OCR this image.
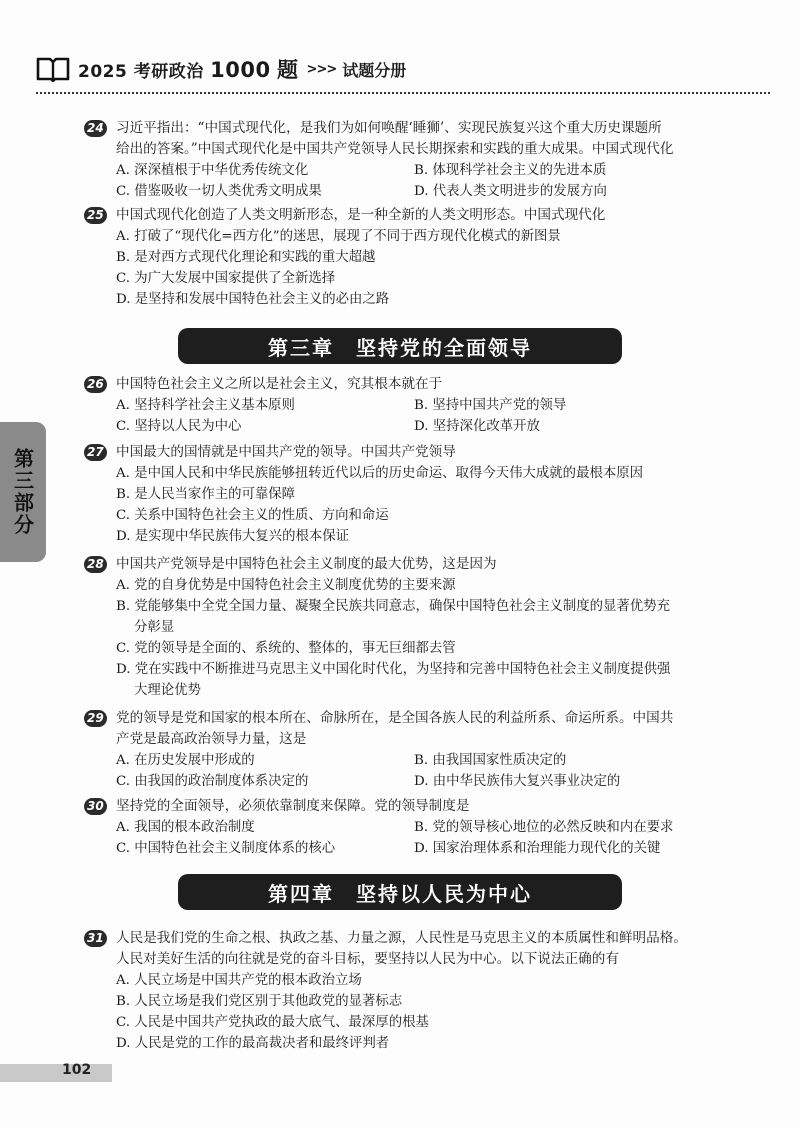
2025 考研政治 1000 题 >>> 试题分册
第三部分
24 习近平指出：“中国式现代化，是我们为如何唤醒‘睡狮’、实现民族复兴这个重大历史课题所
给出的答案。”中国式现代化是中国共产党领导人民长期探索和实践的重大成果。中国式现代化
A. 深深植根于中华优秀传统文化	B. 体现科学社会主义的先进本质
C. 借鉴吸收一切人类优秀文明成果	D. 代表人类文明进步的发展方向
25 中国式现代化创造了人类文明新形态，是一种全新的人类文明形态。中国式现代化
A. 打破了“现代化=西方化”的迷思，展现了不同于西方现代化模式的新图景
B. 是对西方式现代化理论和实践的重大超越
C. 为广大发展中国家提供了全新选择
D. 是坚持和发展中国特色社会主义的必由之路
26 中国特色社会主义之所以是社会主义，究其根本就在于
A. 坚持科学社会主义基本原则	B. 坚持中国共产党的领导
C. 坚持以人民为中心	D. 坚持深化改革开放
27 中国最大的国情就是中国共产党的领导。中国共产党领导
A. 是中国人民和中华民族能够扭转近代以后的历史命运、取得今天伟大成就的最根本原因
B. 是人民当家作主的可靠保障
C. 关系中国特色社会主义的性质、方向和命运
D. 是实现中华民族伟大复兴的根本保证
28 中国共产党领导是中国特色社会主义制度的最大优势，这是因为
A. 党的自身优势是中国特色社会主义制度优势的主要来源
B. 党能够集中全党全国力量、凝聚全民族共同意志，确保中国特色社会主义制度的显著优势充
分彰显
C. 党的领导是全面的、系统的、整体的，事无巨细都去管
D. 党在实践中不断推进马克思主义中国化时代化，为坚持和完善中国特色社会主义制度提供强
大理论优势
29 党的领导是党和国家的根本所在、命脉所在，是全国各族人民的利益所系、命运所系。中国共
产党是最高政治领导力量，这是
A. 在历史发展中形成的	B. 由我国国家性质决定的
C. 由我国的政治制度体系决定的	D. 由中华民族伟大复兴事业决定的
30 坚持党的全面领导，必须依靠制度来保障。党的领导制度是
A. 我国的根本政治制度	B. 党的领导核心地位的必然反映和内在要求
C. 中国特色社会主义制度体系的核心	D. 国家治理体系和治理能力现代化的关键
31 人民是我们党的生命之根、执政之基、力量之源，人民性是马克思主义的本质属性和鲜明品格。
人民对美好生活的向往就是党的奋斗目标，要坚持以人民为中心。以下说法正确的有
A. 人民立场是中国共产党的根本政治立场
B. 人民立场是我们党区别于其他政党的显著标志
C. 人民是中国共产党执政的最大底气、最深厚的根基
D. 人民是党的工作的最高裁决者和最终评判者
第三章　坚持党的全面领导
第四章　坚持以人民为中心
102
